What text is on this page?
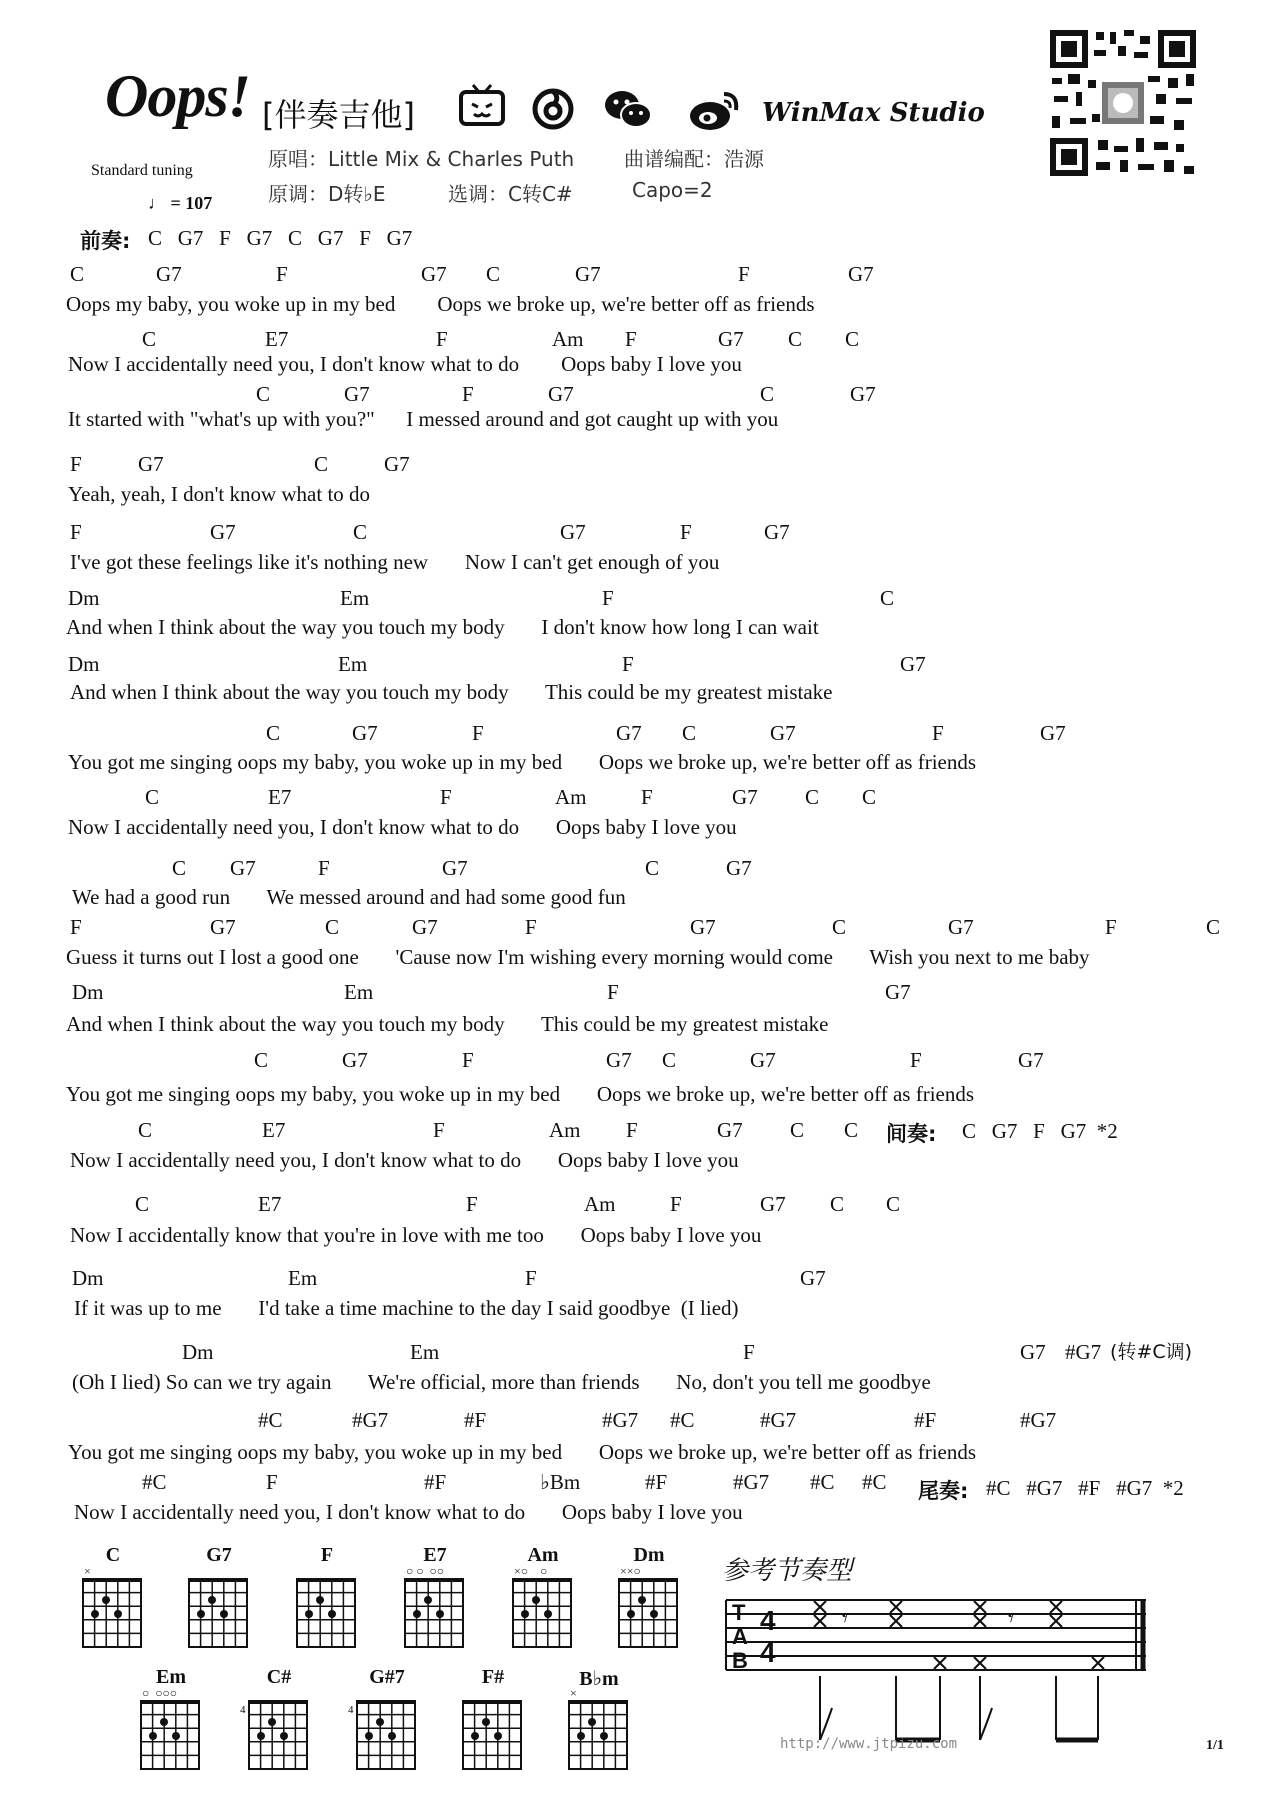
Oops! [伴奏吉他]	WinMax Studio
原唱：Little Mix & Charles Puth 曲谱编配：浩源
原调：D转♭E	选调：C转C#	Capo=2
Standard tuning
♩ = 107
前奏: C   G7   F   G7   C   G7   F   G7
C	G7	F	G7 C	G7	F	G7
Oops my baby, you woke up in my bed        Oops we broke up, we're better off as friends
C	E7	F	Am F	G7 C C
Now I accidentally need you, I don't know what to do        Oops baby I love you
C	G7	F	G7	C	G7
It started with "what's up with you?"      I messed around and got caught up with you
F	G7	C	G7
Yeah, yeah, I don't know what to do
F	G7	C	G7	F	G7
I've got these feelings like it's nothing new       Now I can't get enough of you
Dm	Em	F	C
And when I think about the way you touch my body       I don't know how long I can wait
Dm	Em	F	G7
And when I think about the way you touch my body       This could be my greatest mistake
C	G7	F	G7 C	G7	F	G7
You got me singing oops my baby, you woke up in my bed       Oops we broke up, we're better off as friends
C	E7	F	Am	F	G7 C C
Now I accidentally need you, I don't know what to do       Oops baby I love you
C G7	F	G7	C	G7
We had a good run       We messed around and had some good fun
F	G7	C	G7	F	G7	C	G7	F	C
Guess it turns out I lost a good one       'Cause now I'm wishing every morning would come       Wish you next to me baby
Dm	Em	F	G7
And when I think about the way you touch my body       This could be my greatest mistake
C	G7	F	G7 C	G7	F	G7
You got me singing oops my baby, you woke up in my bed       Oops we broke up, we're better off as friends
C	E7	F	Am F	G7 C C
Now I accidentally need you, I don't know what to do       Oops baby I love you
C	E7	F	Am	F	G7 C C
Now I accidentally know that you're in love with me too       Oops baby I love you
Dm	Em	F	G7
If it was up to me       I'd take a time machine to the day I said goodbye  (I lied)
Dm	Em	F	G7 #G7
(Oh I lied) So can we try again       We're official, more than friends       No, don't you tell me goodbye
#C	#G7	#F	#G7 #C	#G7	#F	#G7
You got me singing oops my baby, you woke up in my bed       Oops we broke up, we're better off as friends
#C	F	#F	♭Bm	#F	#G7 #C #C
Now I accidentally need you, I don't know what to do       Oops baby I love you
(转#C调)
间奏: C   G7   F   G7  *2
尾奏: #C   #G7   #F   #G7  *2
C
×
G7	F	E7
○ ○  ○○
Am
×○    ○
Dm
××○
Em
○  ○○○
C#
4
G#7
4
F#	B♭m
×
参考节奏型
T
A
B
4
4
𝄾	𝄾
http://www.jtpizu.com	1/1
